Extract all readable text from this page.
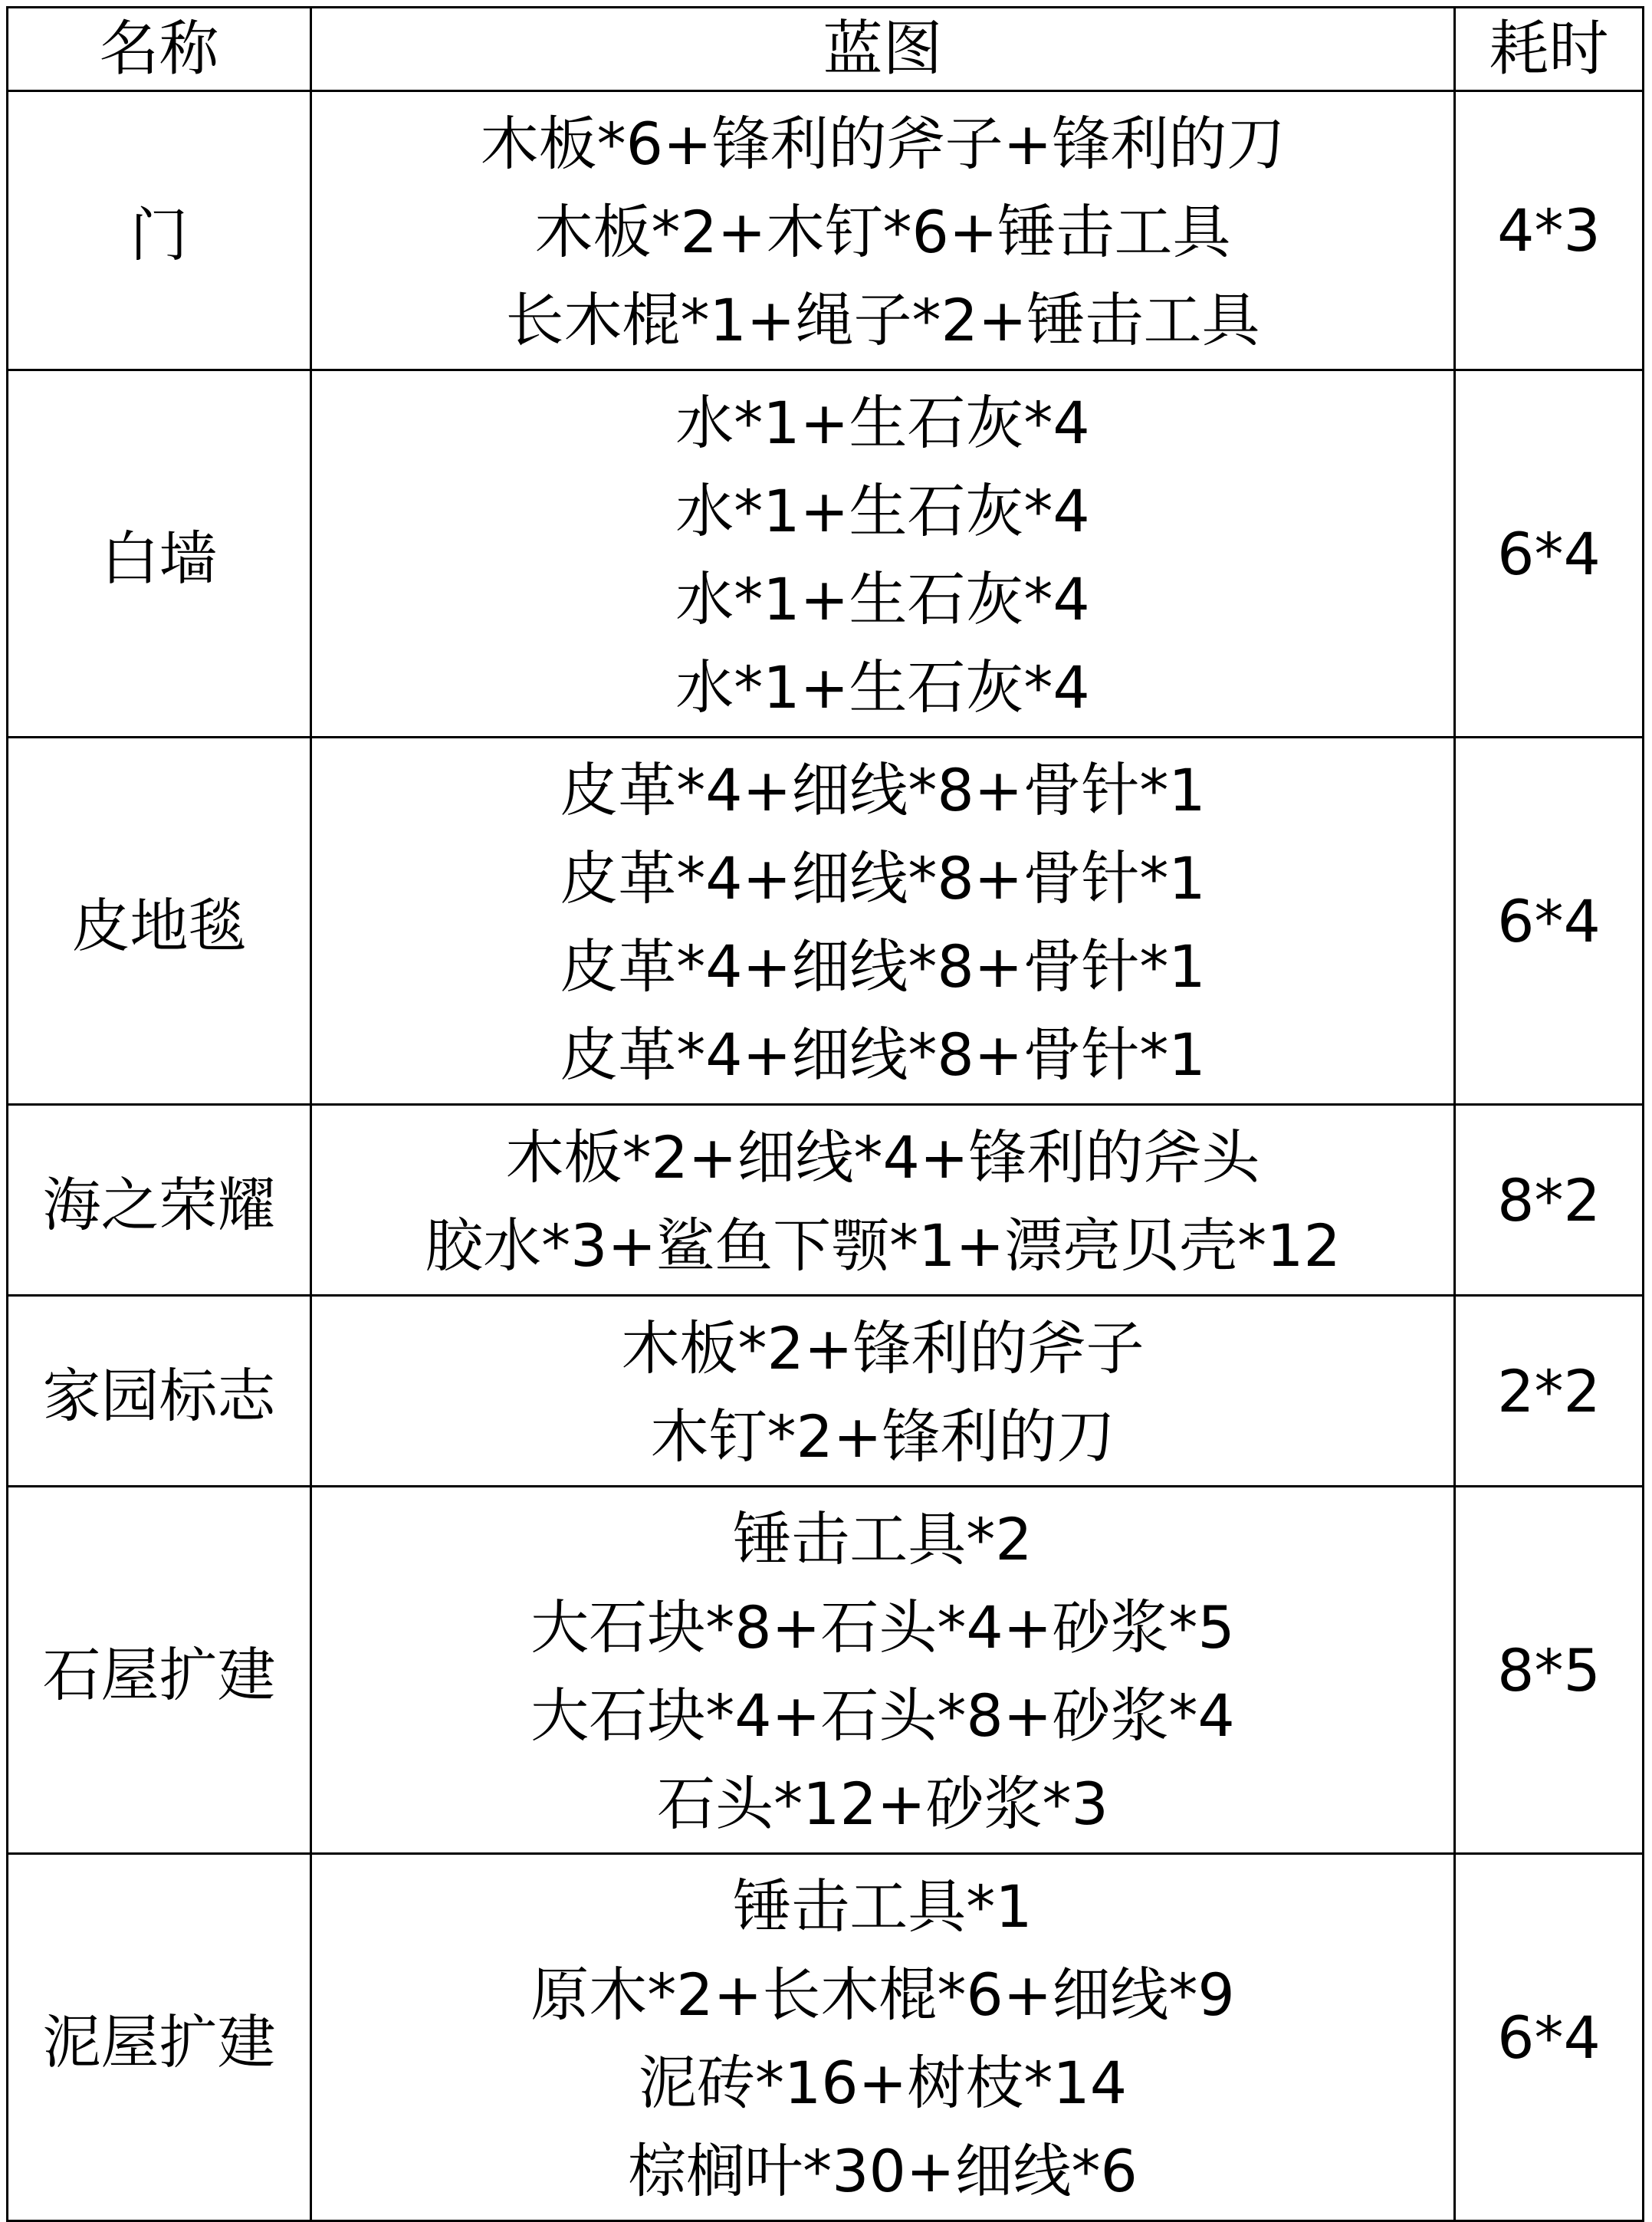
名称	蓝图	耗时
门	木板*6+锋利的斧子+锋利的刀
木板*2+木钉*6+锤击工具
长木棍*1+绳子*2+锤击工具	4*3
白墙	水*1+生石灰*4
水*1+生石灰*4
水*1+生石灰*4
水*1+生石灰*4	6*4
皮地毯	皮革*4+细线*8+骨针*1
皮革*4+细线*8+骨针*1
皮革*4+细线*8+骨针*1
皮革*4+细线*8+骨针*1	6*4
海之荣耀	木板*2+细线*4+锋利的斧头
胶水*3+鲨鱼下颚*1+漂亮贝壳*12	8*2
家园标志	木板*2+锋利的斧子
木钉*2+锋利的刀	2*2
石屋扩建	锤击工具*2
大石块*8+石头*4+砂浆*5
大石块*4+石头*8+砂浆*4
石头*12+砂浆*3	8*5
泥屋扩建	锤击工具*1
原木*2+长木棍*6+细线*9
泥砖*16+树枝*14
棕榈叶*30+细线*6	6*4
